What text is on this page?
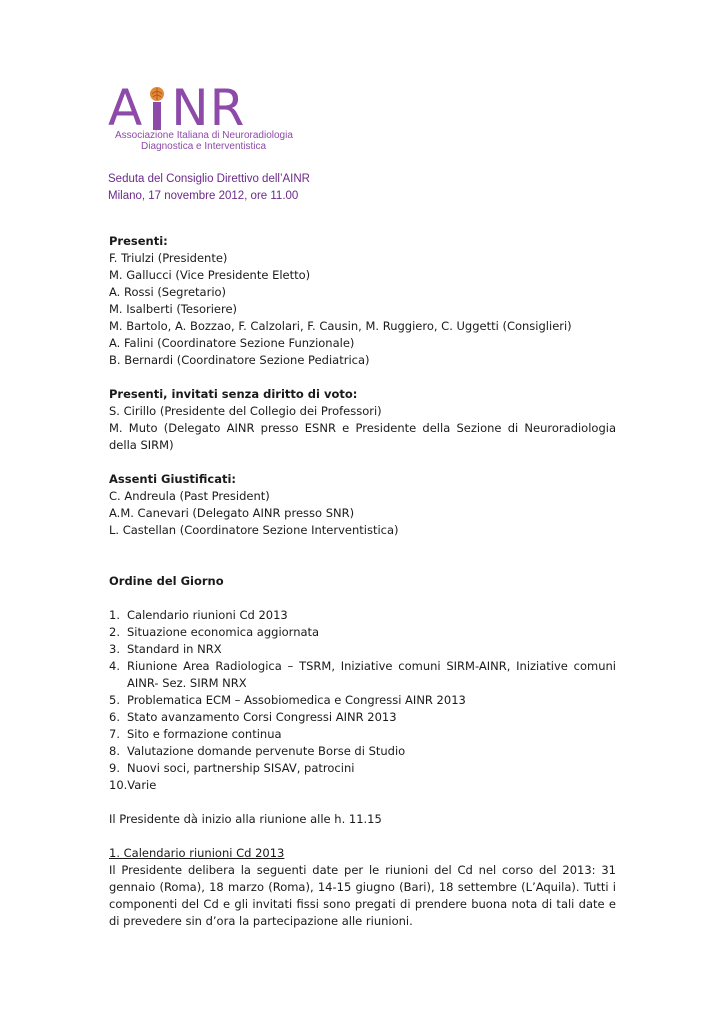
A NR
Associazione Italiana di Neuroradiologia
Diagnostica e Interventistica
Seduta del Consiglio Direttivo dell’AINR
Milano, 17 novembre 2012, ore 11.00

Presenti:

F. Triulzi (Presidente)

M. Gallucci (Vice Presidente Eletto)

A. Rossi (Segretario)

M. Isalberti (Tesoriere)

M. Bartolo, A. Bozzao, F. Calzolari, F. Causin, M. Ruggiero, C. Uggetti (Consiglieri)

A. Falini (Coordinatore Sezione Funzionale)

B. Bernardi (Coordinatore Sezione Pediatrica)

Presenti, invitati senza diritto di voto:

S. Cirillo (Presidente del Collegio dei Professori)

M. Muto (Delegato AINR presso ESNR e Presidente della Sezione di Neuroradiologia della SIRM)

Assenti Giustificati:

C. Andreula (Past President)

A.M. Canevari (Delegato AINR presso SNR)

L. Castellan (Coordinatore Sezione Interventistica)

Ordine del Giorno

1. Calendario riunioni Cd 2013
2. Situazione economica aggiornata
3. Standard in NRX
4. Riunione Area Radiologica – TSRM, Iniziative comuni SIRM-AINR, Iniziative comuni AINR- Sez. SIRM NRX
5. Problematica ECM – Assobiomedica e Congressi AINR 2013
6. Stato avanzamento Corsi Congressi AINR 2013
7. Sito e formazione continua
8. Valutazione domande pervenute Borse di Studio
9. Nuovi soci, partnership SISAV, patrocini
10. Varie

Il Presidente dà inizio alla riunione alle h. 11.15

1. Calendario riunioni Cd 2013

Il Presidente delibera la seguenti date per le riunioni del Cd nel corso del 2013: 31 gennaio (Roma), 18 marzo (Roma), 14-15 giugno (Bari), 18 settembre (L’Aquila). Tutti i componenti del Cd e gli invitati fissi sono pregati di prendere buona nota di tali date e di prevedere sin d’ora la partecipazione alle riunioni.
